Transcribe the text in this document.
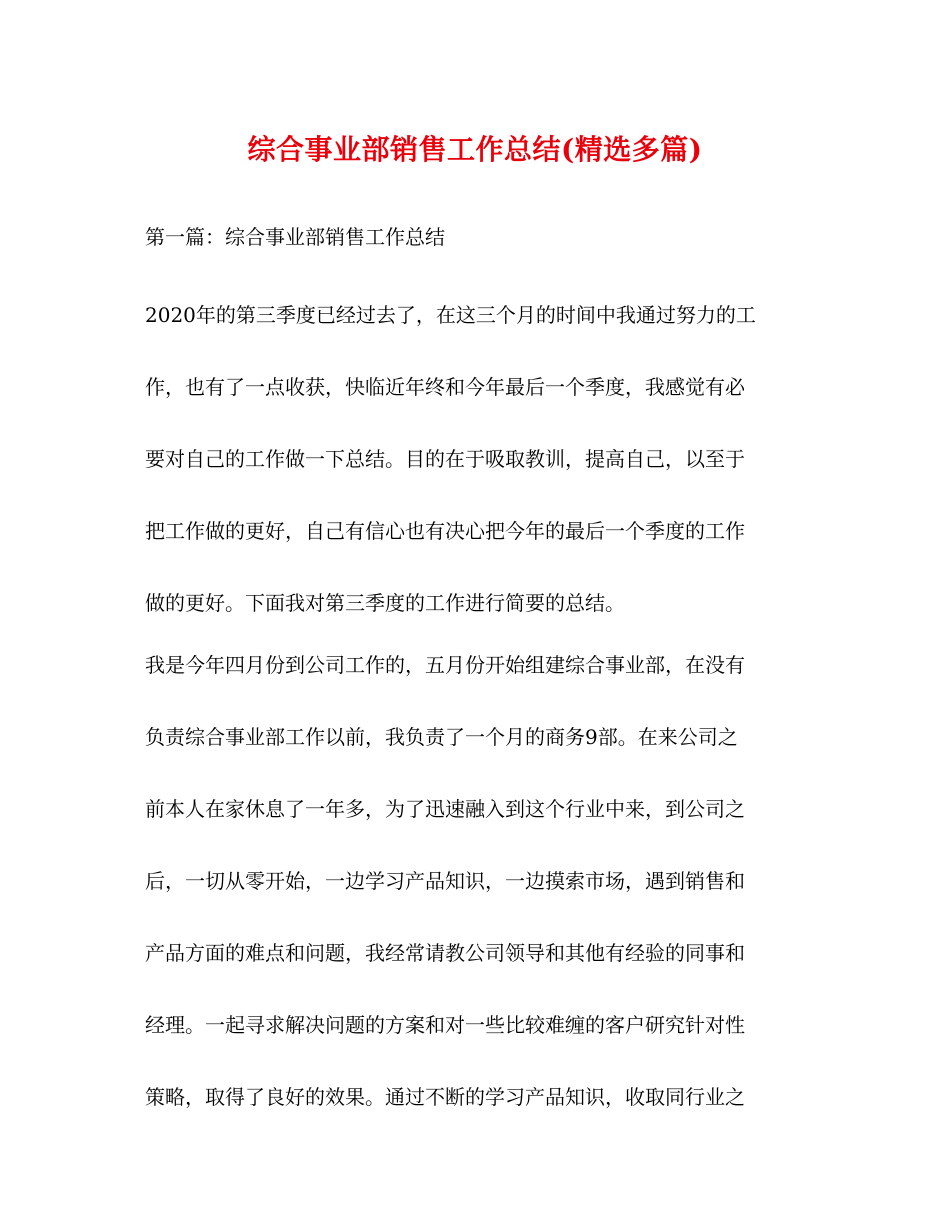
综合事业部销售工作总结(精选多篇)
第一篇：综合事业部销售工作总结
2020年的第三季度已经过去了，在这三个月的时间中我通过努力的工
作，也有了一点收获，快临近年终和今年最后一个季度，我感觉有必
要对自己的工作做一下总结。目的在于吸取教训，提高自己，以至于
把工作做的更好，自己有信心也有决心把今年的最后一个季度的工作
做的更好。下面我对第三季度的工作进行简要的总结。
我是今年四月份到公司工作的，五月份开始组建综合事业部，在没有
负责综合事业部工作以前，我负责了一个月的商务9部。在来公司之
前本人在家休息了一年多，为了迅速融入到这个行业中来，到公司之
后，一切从零开始，一边学习产品知识，一边摸索市场，遇到销售和
产品方面的难点和问题，我经常请教公司领导和其他有经验的同事和
经理。一起寻求解决问题的方案和对一些比较难缠的客户研究针对性
策略，取得了良好的效果。通过不断的学习产品知识，收取同行业之
